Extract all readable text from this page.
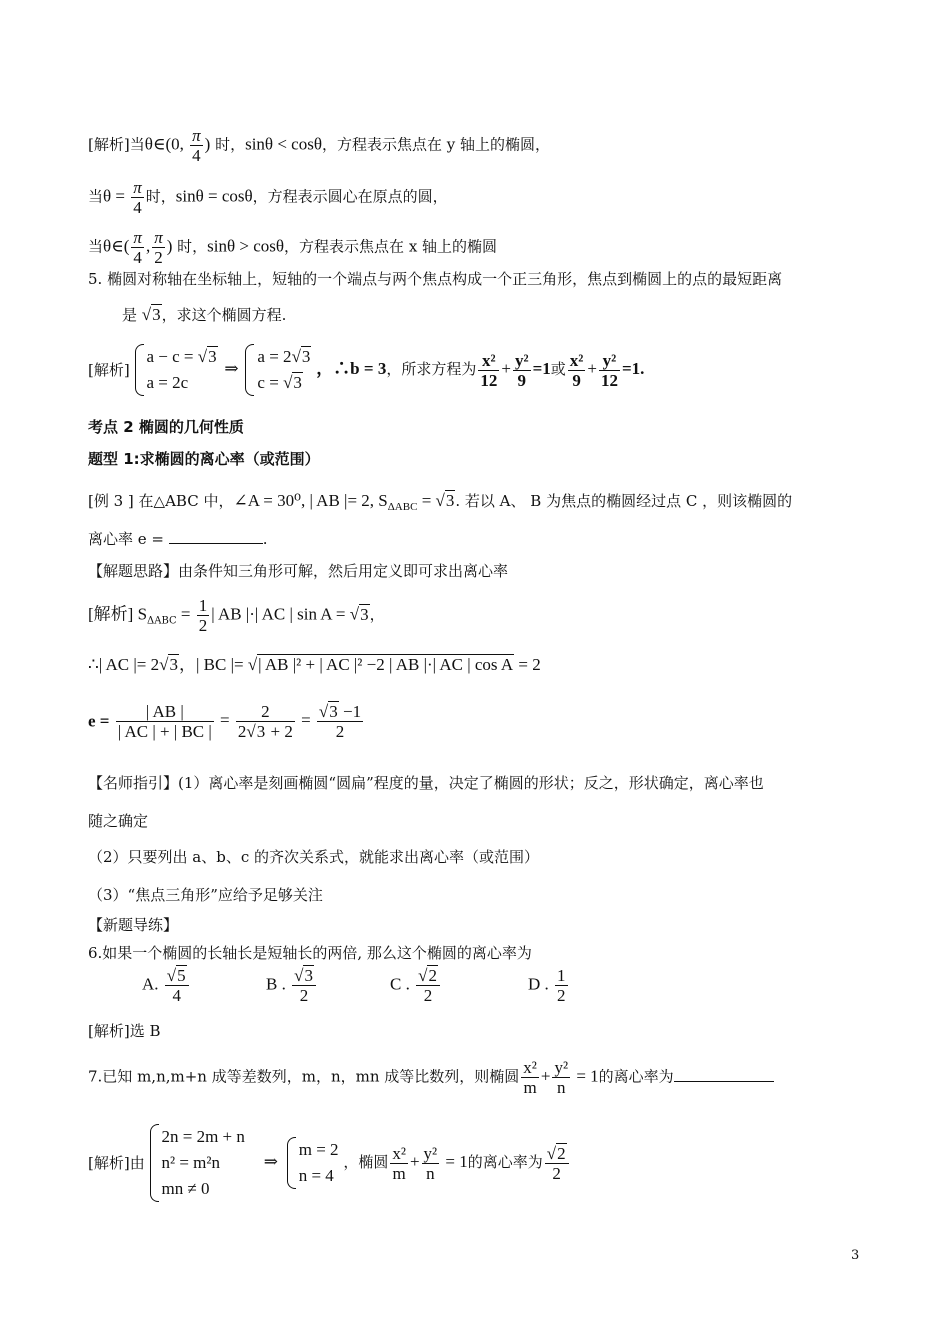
[解析]当θ∈(0, $\frac{\pi}{4}$ ) 时，sinθ < cosθ，方程表示焦点在 y 轴上的椭圆，
当$\theta = \frac{\pi}{4}$ 时，sinθ = cosθ，方程表示圆心在原点的圆，
当θ∈( $\frac{\pi}{4}$ , $\frac{\pi}{2}$ ) 时，sinθ > cosθ，方程表示焦点在 x 轴上的椭圆
5. 椭圆对称轴在坐标轴上，短轴的一个端点与两个焦点构成一个正三角形，焦点到椭圆上的点的最短距离
是 √3，求这个椭圆方程.
[解析]
a − c = √3
a = 2c
⇒
a = 2√3
c = √3
，∴b = 3，所求方程为 $\frac{\text{x²}}{12} + \frac{\text{y²}}{9} =1$或 $\frac{\text{x²}}{9} + \frac{\text{y²}}{12} =1$.
考点 2 椭圆的几何性质
题型 1:求椭圆的离心率（或范围）
[例 3 ] 在△ABC 中，∠A = 30⁰, | AB |= 2, $S_{\Delta ABC} = √3$. 若以 A、 B 为焦点的椭圆经过点 C ，则该椭圆的
离心率 e =	.
【解题思路】由条件知三角形可解，然后用定义即可求出离心率
[解析] $S_{\Delta ABC} = \frac{1}{2}$ | AB |·| AC | sin A = √3，
∴| AC |= 2√3，| BC |= √| AB |² + | AC |² −2 | AB |·| AC | cos A = 2
$e = \frac{| AB |}{| AC | + | BC |} = \frac{2}{2√3 + 2} = \frac{√3 -1}{2}$
【名师指引】(1）离心率是刻画椭圆“圆扁”程度的量，决定了椭圆的形状；反之，形状确定，离心率也
随之确定
（2）只要列出 a、b、c 的齐次关系式，就能求出离心率（或范围）
（3）“焦点三角形”应给予足够关注
【新题导练】
6.如果一个椭圆的长轴长是短轴长的两倍, 那么这个椭圆的离心率为
A. $\frac{√5}{4}$	B . $\frac{√3}{2}$	C . $\frac{√2}{2}$	D . $\frac{1}{2}$
[解析]选 B
7.已知 m,n,m+n 成等差数列，m，n，mn 成等比数列，则椭圆 $\frac{\text{x²}}{m} + \frac{\text{y²}}{n} = 1$的离心率为
[解析]由
2n = 2m + n
n² = m²n
mn ≠ 0
⇒
m = 2
n = 4
，椭圆 $\frac{\text{x²}}{m} + \frac{\text{y²}}{n} = 1$的离心率为 $\frac{√2}{2}$
3
